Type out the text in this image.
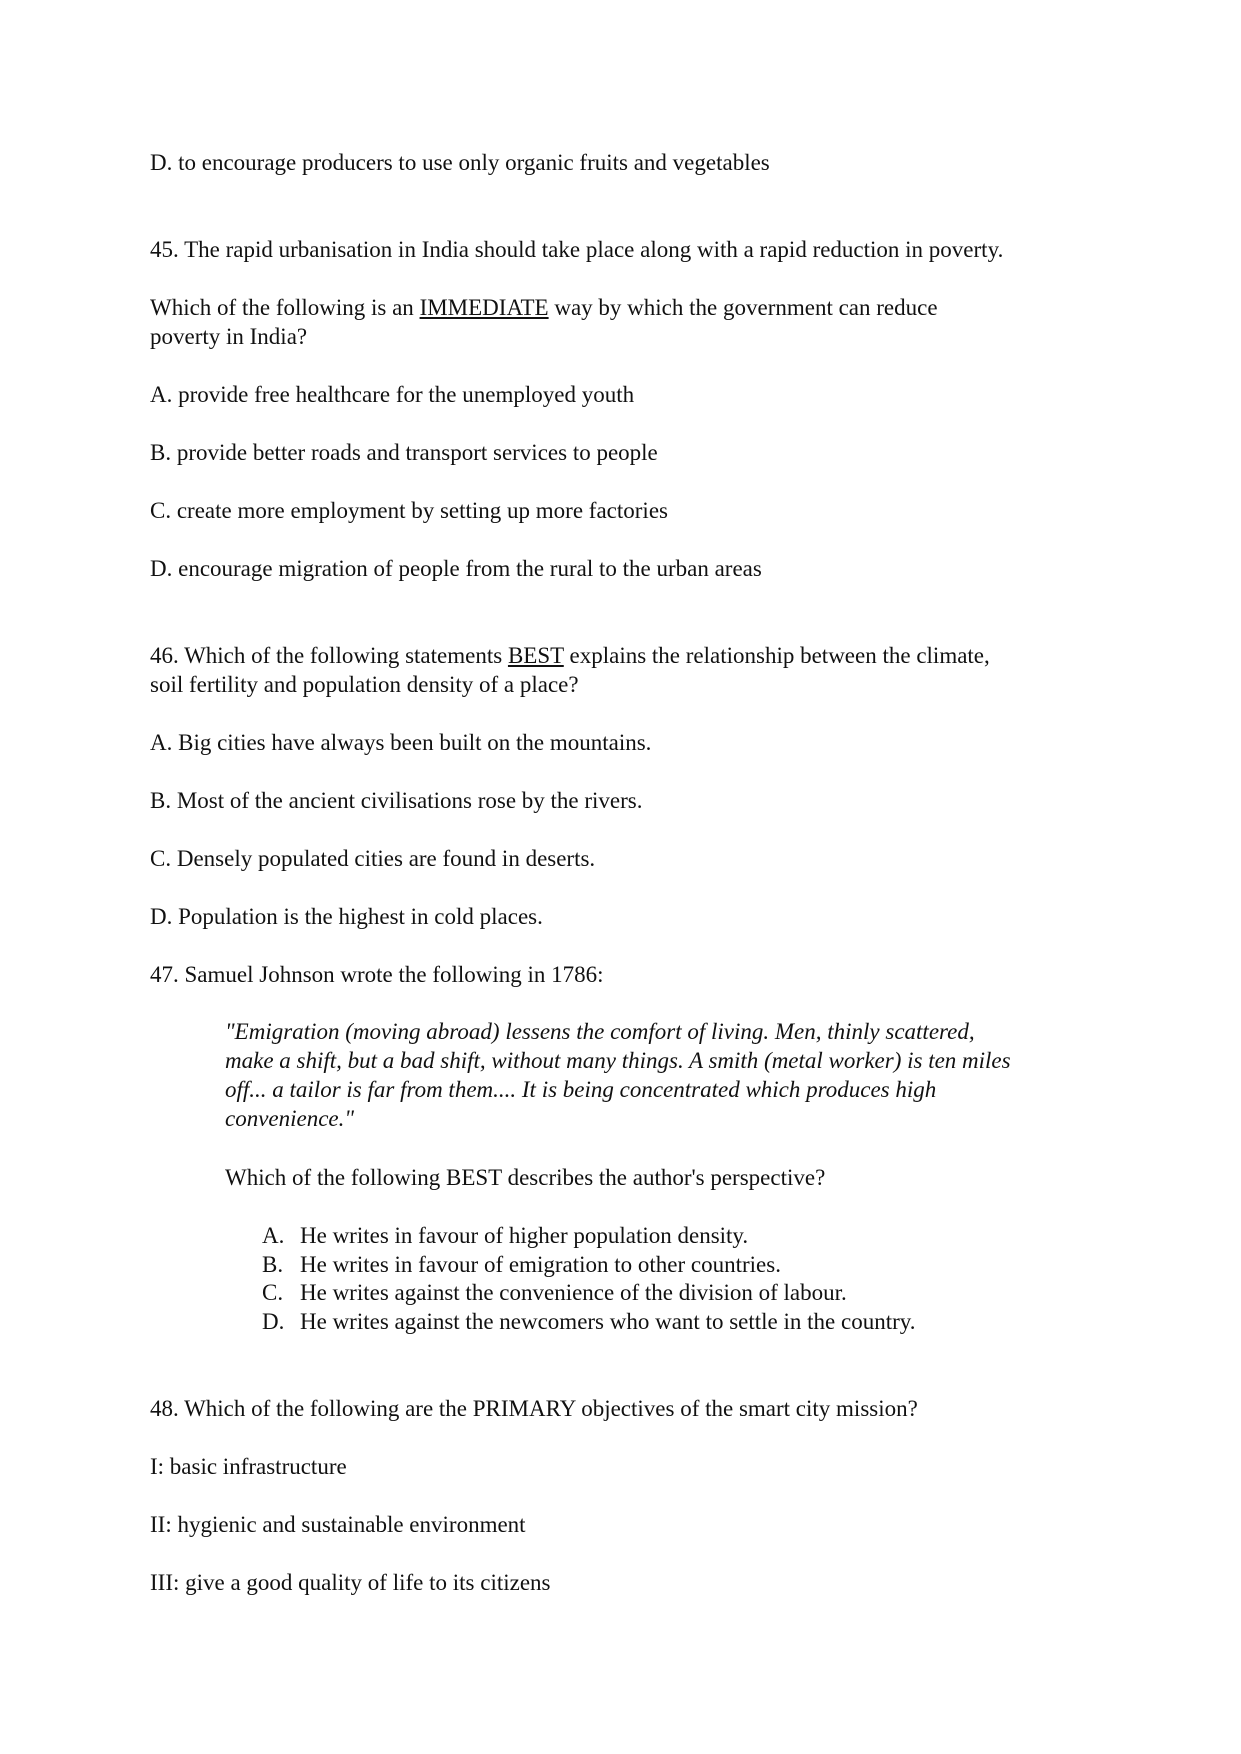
D. to encourage producers to use only organic fruits and vegetables
45. The rapid urbanisation in India should take place along with a rapid reduction in poverty.
Which of the following is an IMMEDIATE way by which the government can reduce
poverty in India?
A. provide free healthcare for the unemployed youth
B. provide better roads and transport services to people
C. create more employment by setting up more factories
D. encourage migration of people from the rural to the urban areas
46. Which of the following statements BEST explains the relationship between the climate,
soil fertility and population density of a place?
A. Big cities have always been built on the mountains.
B. Most of the ancient civilisations rose by the rivers.
C. Densely populated cities are found in deserts.
D. Population is the highest in cold places.
47. Samuel Johnson wrote the following in 1786:
"Emigration (moving abroad) lessens the comfort of living. Men, thinly scattered,
make a shift, but a bad shift, without many things. A smith (metal worker) is ten miles
off... a tailor is far from them.... It is being concentrated which produces high
convenience."
Which of the following BEST describes the author's perspective?
A. He writes in favour of higher population density.
B. He writes in favour of emigration to other countries.
C. He writes against the convenience of the division of labour.
D. He writes against the newcomers who want to settle in the country.
48. Which of the following are the PRIMARY objectives of the smart city mission?
I: basic infrastructure
II: hygienic and sustainable environment
III: give a good quality of life to its citizens
